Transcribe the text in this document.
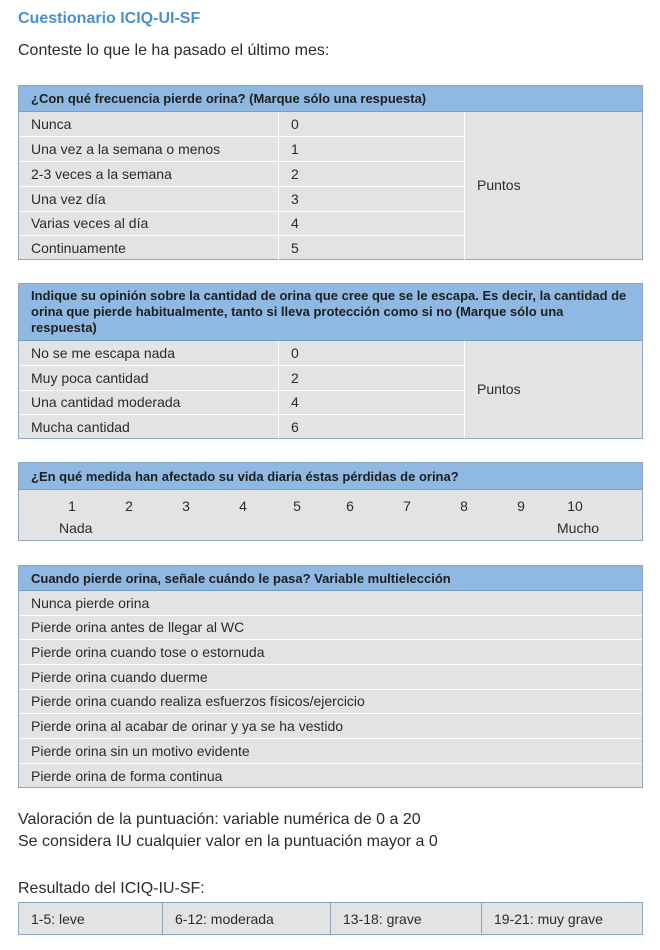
Cuestionario ICIQ-UI-SF
Conteste lo que le ha pasado el último mes:
¿Con qué frecuencia pierde orina? (Marque sólo una respuesta)
Nunca	0
Una vez a la semana o menos	1
2-3 veces a la semana	2
Una vez día	3
Varias veces al día	4
Continuamente	5
Puntos
Indique su opinión sobre la cantidad de orina que cree que se le escapa. Es decir, la cantidad de orina que pierde habitualmente, tanto si lleva protección como si no (Marque sólo una respuesta)
No se me escapa nada	0
Muy poca cantidad	2
Una cantidad moderada	4
Mucha cantidad	6
Puntos
¿En qué medida han afectado su vida diaria éstas pérdidas de orina?
1	2	3	4	5	6	7	8	9	10
Nada	Mucho
Cuando pierde orina, señale cuándo le pasa? Variable multielección
Nunca pierde orina
Pierde orina antes de llegar al WC
Pierde orina cuando tose o estornuda
Pierde orina cuando duerme
Pierde orina cuando realiza esfuerzos físicos/ejercicio
Pierde orina al acabar de orinar y ya se ha vestido
Pierde orina sin un motivo evidente
Pierde orina de forma continua
Valoración de la puntuación: variable numérica de 0 a 20
Se considera IU cualquier valor en la puntuación mayor a 0
Resultado del ICIQ-IU-SF:
1-5: leve	6-12: moderada	13-18: grave	19-21: muy grave
